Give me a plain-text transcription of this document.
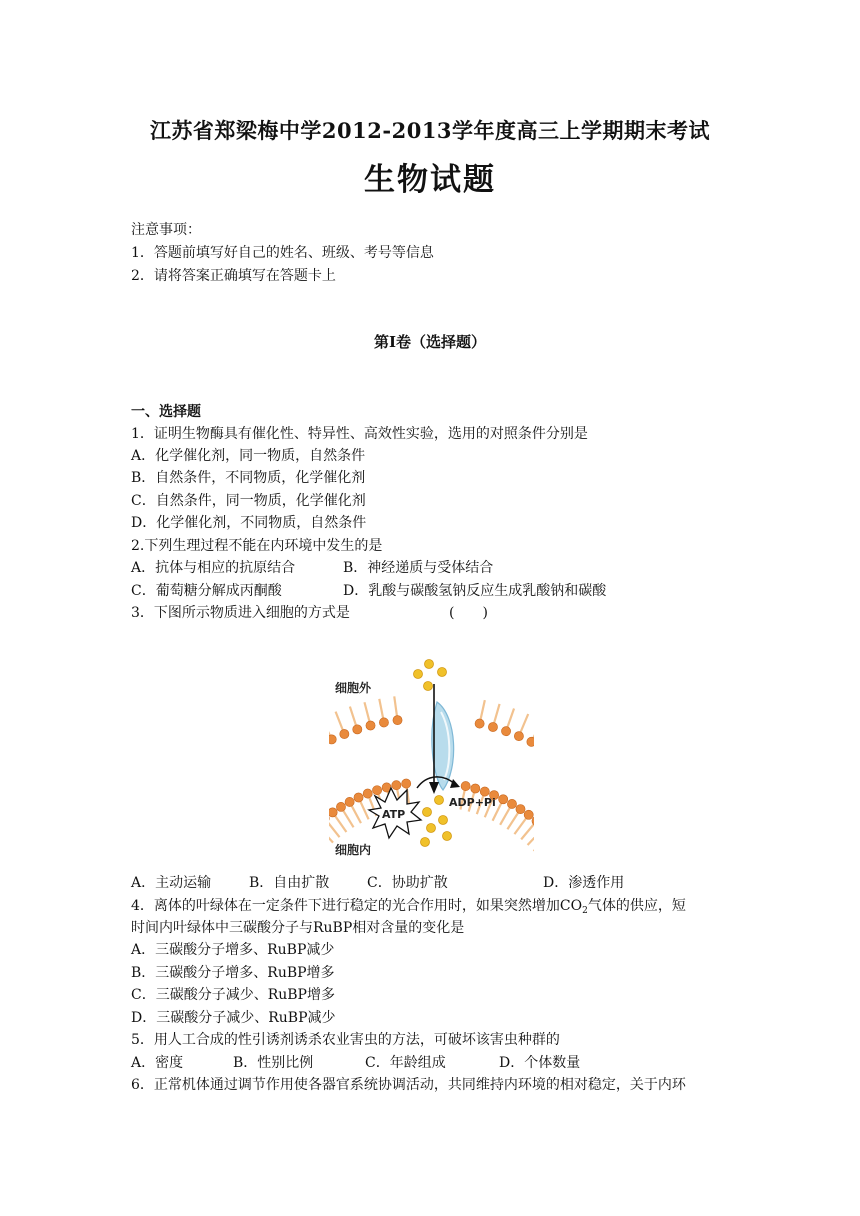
江苏省郑梁梅中学2012-2013学年度高三上学期期末考试
生物试题
注意事项：
1．答题前填写好自己的姓名、班级、考号等信息
2．请将答案正确填写在答题卡上
第I卷（选择题）
一、选择题
1．证明生物酶具有催化性、特异性、高效性实验，选用的对照条件分别是
A．化学催化剂，同一物质，自然条件
B．自然条件，不同物质，化学催化剂
C．自然条件，同一物质，化学催化剂
D．化学催化剂，不同物质，自然条件
2.下列生理过程不能在内环境中发生的是
A．抗体与相应的抗原结合	B．神经递质与受体结合
C．葡萄糖分解成丙酮酸	D．乳酸与碳酸氢钠反应生成乳酸钠和碳酸
3．下图所示物质进入细胞的方式是	(　　)
ATP
ADP+Pi
细胞外
细胞内
A．主动运输	B．自由扩散	C．协助扩散	D．渗透作用
4．离体的叶绿体在一定条件下进行稳定的光合作用时，如果突然增加$CO_2$气体的供应，短
时间内叶绿体中三碳酸分子与RuBP相对含量的变化是
A．三碳酸分子增多、RuBP减少
B．三碳酸分子增多、RuBP增多
C．三碳酸分子减少、RuBP增多
D．三碳酸分子减少、RuBP减少
5．用人工合成的性引诱剂诱杀农业害虫的方法，可破坏该害虫种群的
A．密度	B．性别比例	C．年龄组成	D．个体数量
6．正常机体通过调节作用使各器官系统协调活动，共同维持内环境的相对稳定，关于内环
